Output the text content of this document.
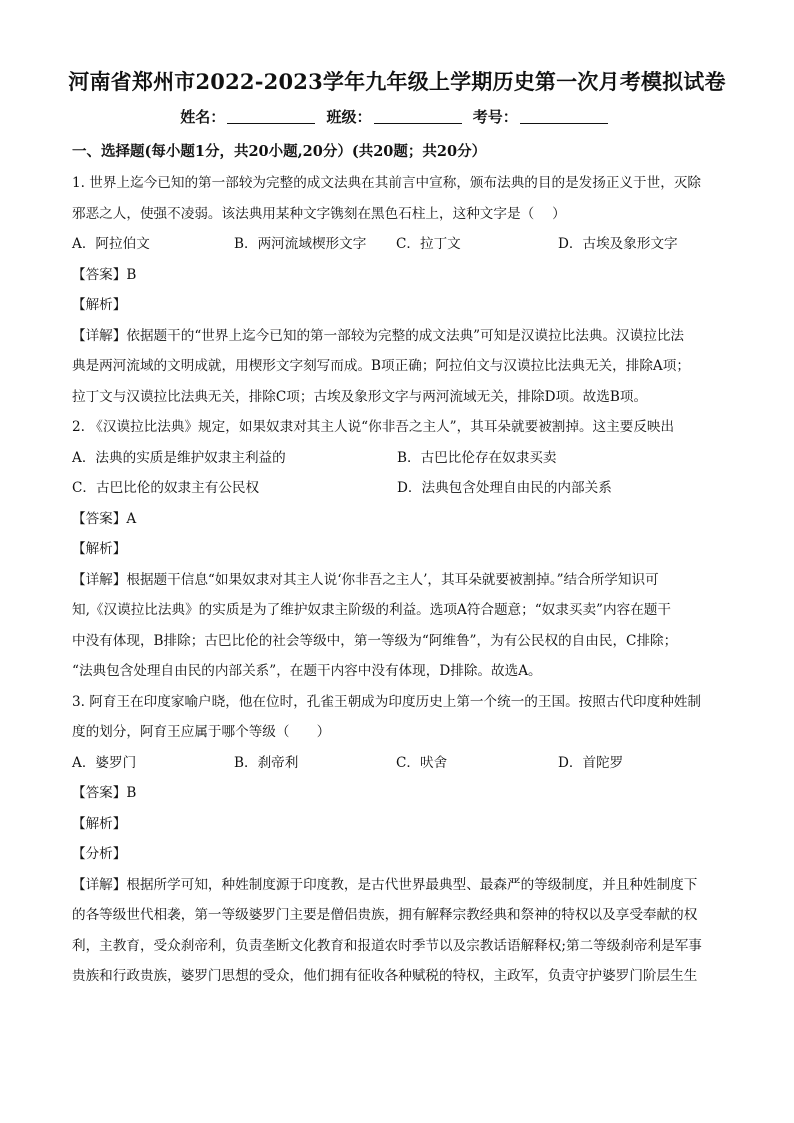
河南省郑州市2022-2023学年九年级上学期历史第一次月考模拟试卷
姓名：	班级：	考号：
一、选择题(每小题1分，共20小题,20分）(共20题；共20分）

1. 世界上迄今已知的第一部较为完整的成文法典在其前言中宣称，颁布法典的目的是发扬正义于世，灭除

邪恶之人，使强不凌弱。该法典用某种文字镌刻在黑色石柱上，这种文字是（　 ）

A．阿拉伯文	B．两河流域楔形文字	C．拉丁文	D．古埃及象形文字

【答案】B

【解析】

【详解】依据题干的“世界上迄今已知的第一部较为完整的成文法典”可知是汉谟拉比法典。汉谟拉比法

典是两河流域的文明成就，用楔形文字刻写而成。B项正确；阿拉伯文与汉谟拉比法典无关，排除A项；

拉丁文与汉谟拉比法典无关，排除C项；古埃及象形文字与两河流域无关，排除D项。故选B项。

2. 《汉谟拉比法典》规定，如果奴隶对其主人说“你非吾之主人”，其耳朵就要被割掉。这主要反映出

A．法典的实质是维护奴隶主利益的	B．古巴比伦存在奴隶买卖
C．古巴比伦的奴隶主有公民权	D．法典包含处理自由民的内部关系

【答案】A

【解析】

【详解】根据题干信息“如果奴隶对其主人说‘你非吾之主人’，其耳朵就要被割掉。”结合所学知识可

知,《汉谟拉比法典》的实质是为了维护奴隶主阶级的利益。选项A符合题意；“奴隶买卖”内容在题干

中没有体现，B排除；古巴比伦的社会等级中，第一等级为“阿维鲁”，为有公民权的自由民，C排除；

“法典包含处理自由民的内部关系”，在题干内容中没有体现，D排除。故选A。

3. 阿育王在印度家喻户晓，他在位时，孔雀王朝成为印度历史上第一个统一的王国。按照古代印度种姓制

度的划分，阿育王应属于哪个等级（　　）

A．婆罗门	B．刹帝利	C．吠舍	D．首陀罗

【答案】B

【解析】

【分析】

【详解】根据所学可知，种姓制度源于印度教，是古代世界最典型、最森严的等级制度，并且种姓制度下

的各等级世代相袭，第一等级婆罗门主要是僧侣贵族，拥有解释宗教经典和祭神的特权以及享受奉献的权

利，主教育，受众刹帝利，负责垄断文化教育和报道农时季节以及宗教话语解释权;第二等级刹帝利是军事

贵族和行政贵族，婆罗门思想的受众，他们拥有征收各种赋税的特权，主政军，负责守护婆罗门阶层生生
